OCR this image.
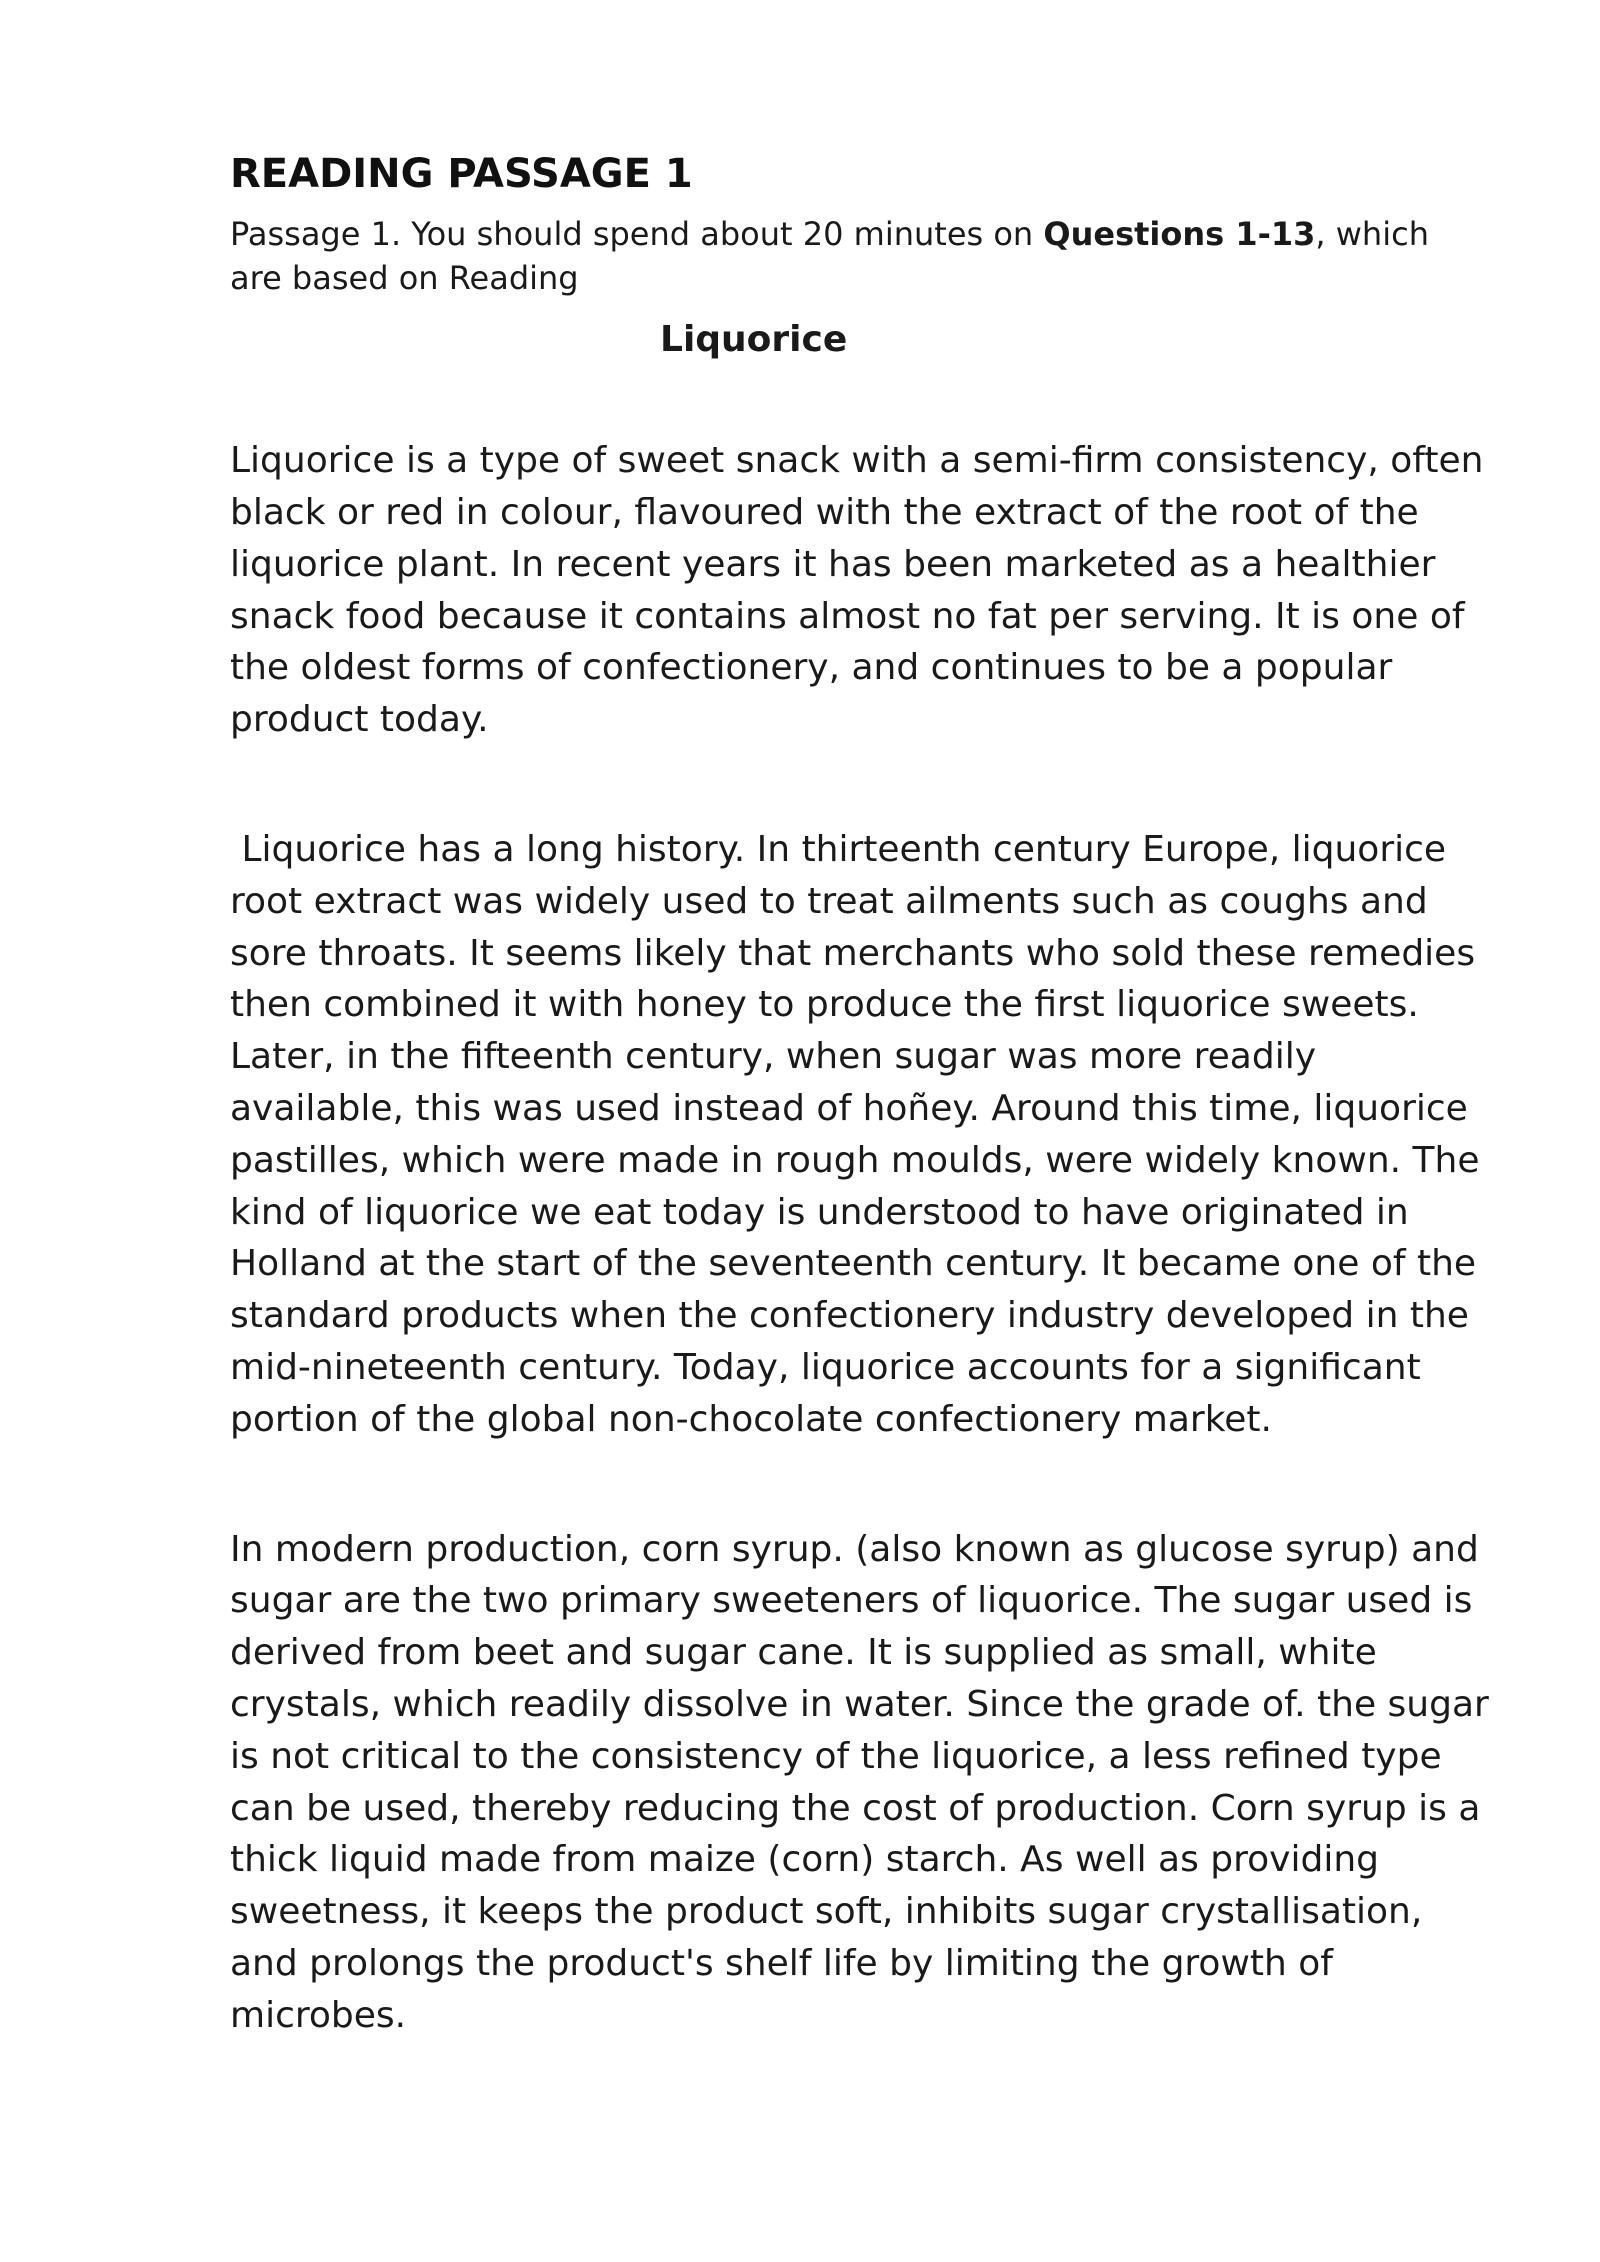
READING PASSAGE 1

Passage 1. You should spend about 20 minutes on Questions 1-13, which are based on Reading

Liquorice

Liquorice is a type of sweet snack with a semi-firm consistency, often black or red in colour, flavoured with the extract of the root of the liquorice plant. In recent years it has been marketed as a healthier snack food because it contains almost no fat per serving. It is one of the oldest forms of confectionery, and continues to be a popular product today.

Liquorice has a long history. In thirteenth century Europe, liquorice root extract was widely used to treat ailments such as coughs and sore throats. It seems likely that merchants who sold these remedies then combined it with honey to produce the first liquorice sweets. Later, in the fifteenth century, when sugar was more readily available, this was used instead of hoñey. Around this time, liquorice pastilles, which were made in rough moulds, were widely known. The kind of liquorice we eat today is understood to have originated in Holland at the start of the seventeenth century. It became one of the standard products when the confectionery industry developed in the mid-nineteenth century. Today, liquorice accounts for a significant portion of the global non-chocolate confectionery market.

In modern production, corn syrup. (also known as glucose syrup) and sugar are the two primary sweeteners of liquorice. The sugar used is derived from beet and sugar cane. It is supplied as small, white crystals, which readily dissolve in water. Since the grade of. the sugar is not critical to the consistency of the liquorice, a less refined type can be used, thereby reducing the cost of production. Corn syrup is a thick liquid made from maize (corn) starch. As well as providing sweetness, it keeps the product soft, inhibits sugar crystallisation, and prolongs the product's shelf life by limiting the growth of microbes.
